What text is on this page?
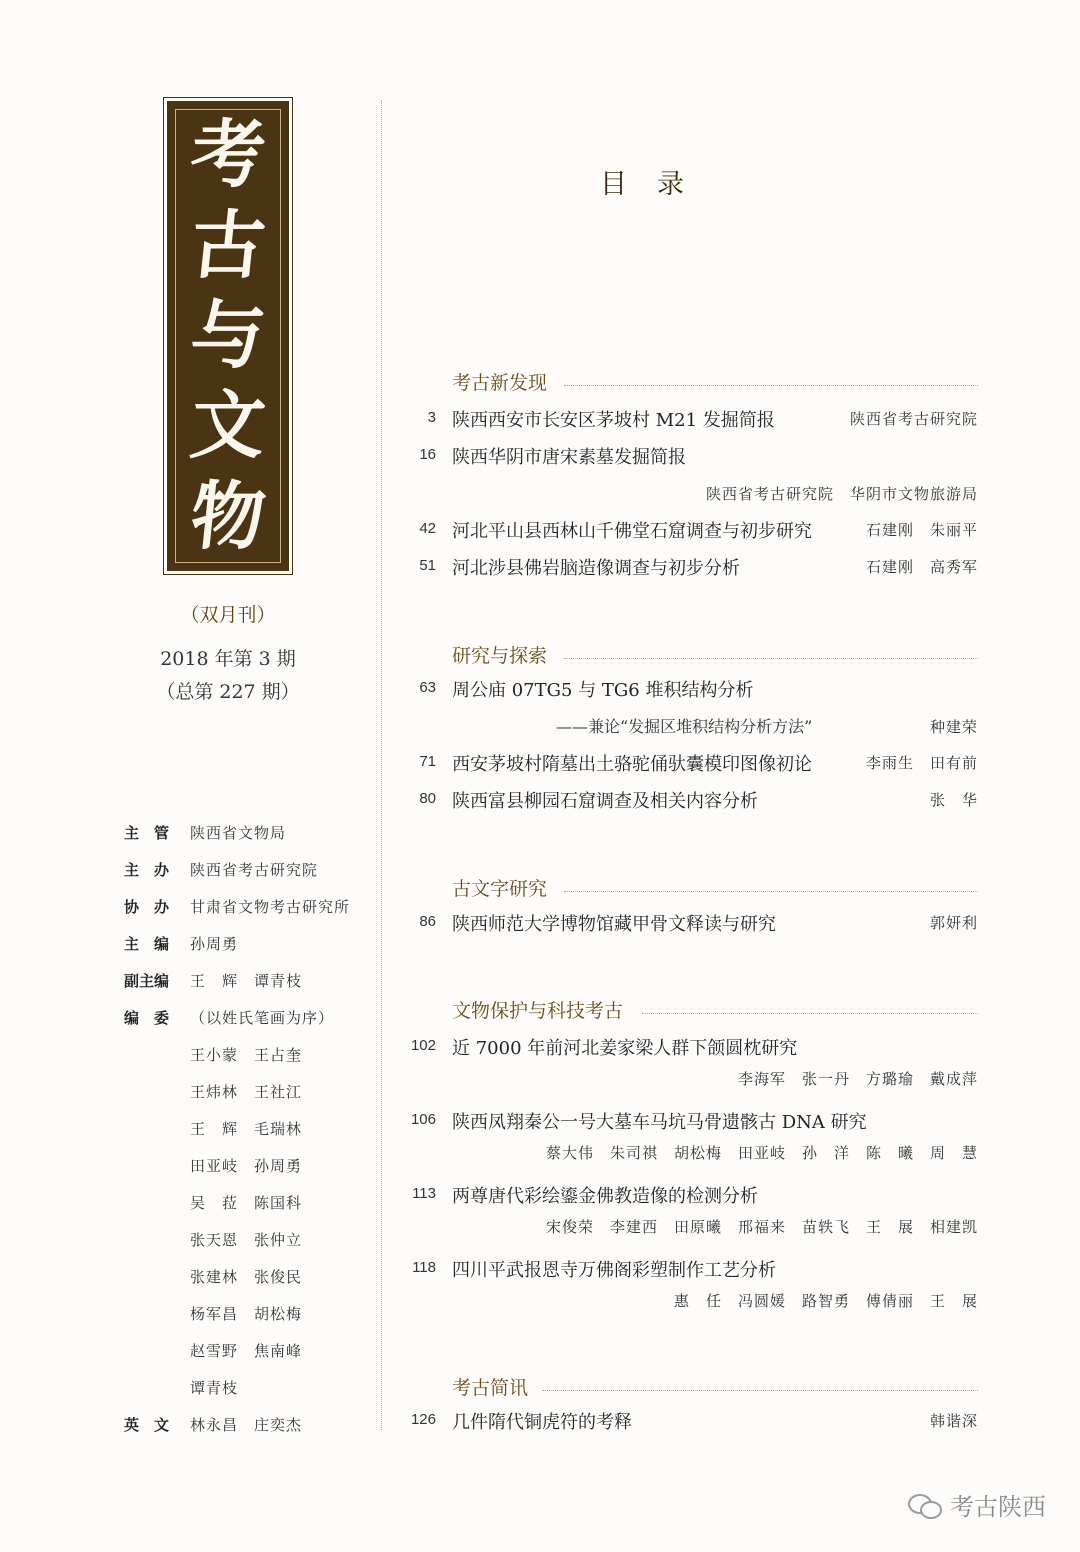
考
古
与
文
物
（双月刊）
2018 年第 3 期
（总第 227 期）
主　管	陕西省文物局
主　办	陕西省考古研究院
协　办	甘肃省文物考古研究所
主　编	孙周勇
副主编	王　辉　谭青枝
编　委	（以姓氏笔画为序）
王小蒙　王占奎
王炜林　王社江
王　辉　毛瑞林
田亚岐　孙周勇
吴　菈　陈国科
张天恩　张仲立
张建林　张俊民
杨军昌　胡松梅
赵雪野　焦南峰
谭青枝
英　文	林永昌　庄奕杰
目录
考古新发现
3 陕西西安市长安区茅坡村 M21 发掘简报	陕西省考古研究院
16 陕西华阴市唐宋素墓发掘简报
陕西省考古研究院　华阴市文物旅游局
42 河北平山县西林山千佛堂石窟调查与初步研究	石建刚　朱丽平
51 河北涉县佛岩脑造像调查与初步分析	石建刚　高秀军
研究与探索
63 周公庙 07TG5 与 TG6 堆积结构分析
——兼论“发掘区堆积结构分析方法”	种建荣
71 西安茅坡村隋墓出土骆驼俑驮囊模印图像初论	李雨生　田有前
80 陕西富县柳园石窟调查及相关内容分析	张　华
古文字研究
86 陕西师范大学博物馆藏甲骨文释读与研究	郭妍利
文物保护与科技考古
102 近 7000 年前河北姜家梁人群下颌圆枕研究
李海军　张一丹　方璐瑜　戴成萍
106 陕西凤翔秦公一号大墓车马坑马骨遗骸古 DNA 研究
蔡大伟　朱司祺　胡松梅　田亚岐　孙　洋　陈　曦　周　慧
113 两尊唐代彩绘鎏金佛教造像的检测分析
宋俊荣　李建西　田原曦　邢福来　苗轶飞　王　展　相建凯
118 四川平武报恩寺万佛阁彩塑制作工艺分析
惠　任　冯圆媛　路智勇　傅倩丽　王　展
考古简讯
126 几件隋代铜虎符的考释	韩谐深
考古陕西
